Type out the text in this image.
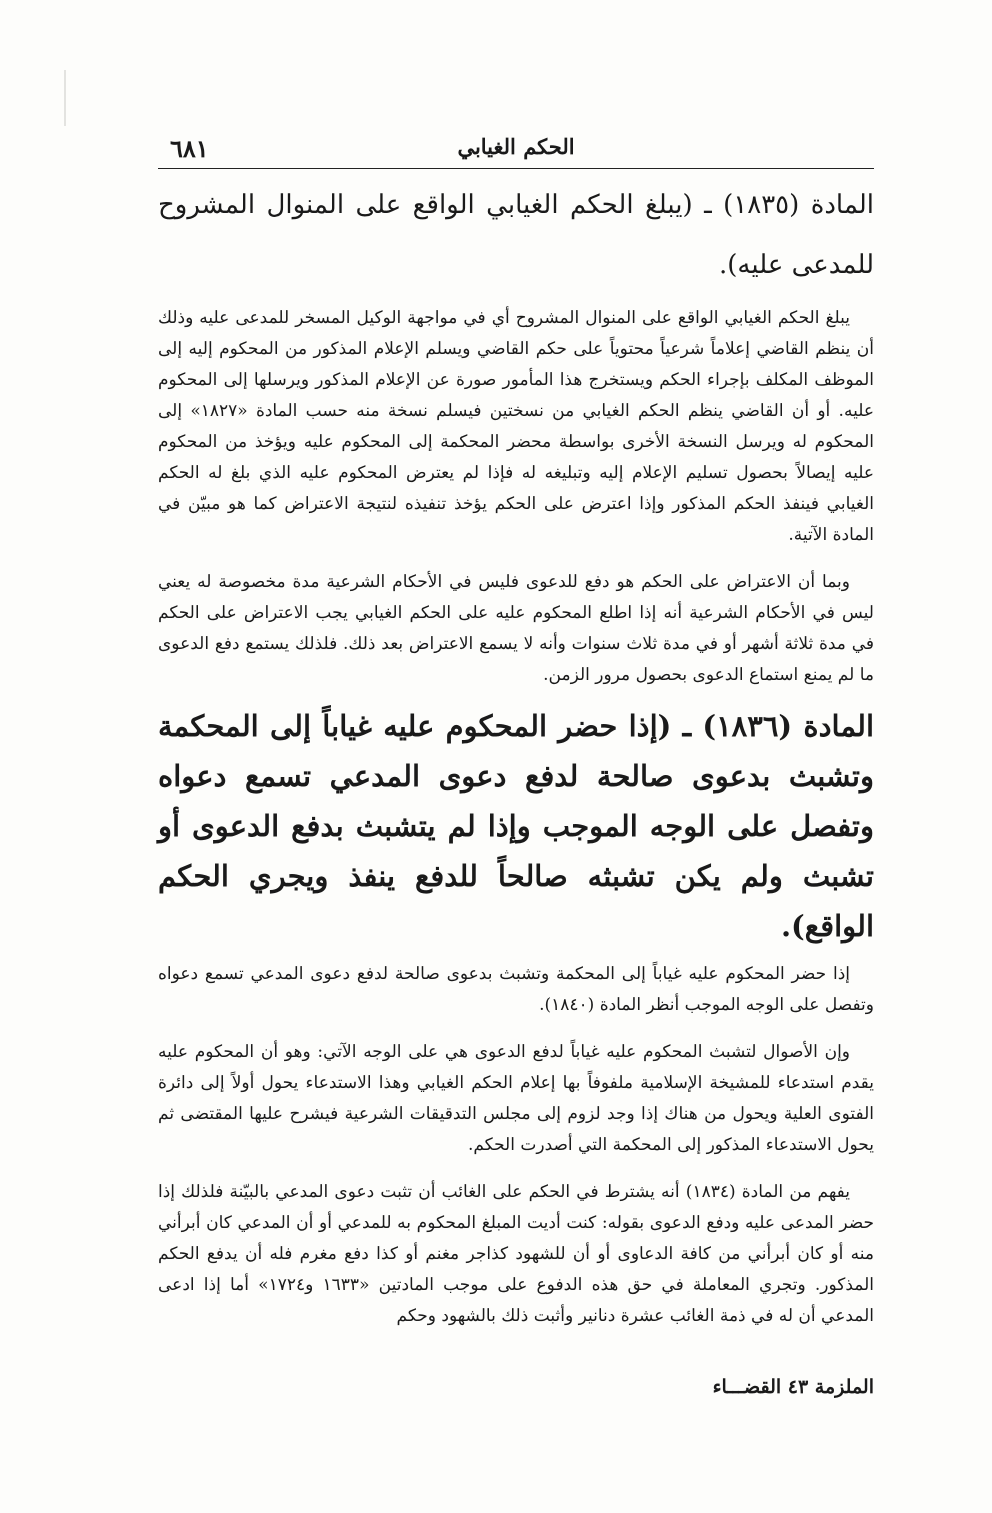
٦٨١	الحكم الغيابي
المادة (١٨٣٥) ـ (يبلغ الحكم الغيابي الواقع على المنوال المشروح للمدعى عليه).

يبلغ الحكم الغيابي الواقع على المنوال المشروح أي في مواجهة الوكيل المسخر للمدعى عليه وذلك أن ينظم القاضي إعلاماً شرعياً محتوياً على حكم القاضي ويسلم الإعلام المذكور من المحكوم إليه إلى الموظف المكلف بإجراء الحكم ويستخرج هذا المأمور صورة عن الإعلام المذكور ويرسلها إلى المحكوم عليه. أو أن القاضي ينظم الحكم الغيابي من نسختين فيسلم نسخة منه حسب المادة «١٨٢٧» إلى المحكوم له ويرسل النسخة الأخرى بواسطة محضر المحكمة إلى المحكوم عليه ويؤخذ من المحكوم عليه إيصالاً بحصول تسليم الإعلام إليه وتبليغه له فإذا لم يعترض المحكوم عليه الذي بلغ له الحكم الغيابي فينفذ الحكم المذكور وإذا اعترض على الحكم يؤخذ تنفيذه لنتيجة الاعتراض كما هو مبيّن في المادة الآتية.

وبما أن الاعتراض على الحكم هو دفع للدعوى فليس في الأحكام الشرعية مدة مخصوصة له يعني ليس في الأحكام الشرعية أنه إذا اطلع المحكوم عليه على الحكم الغيابي يجب الاعتراض على الحكم في مدة ثلاثة أشهر أو في مدة ثلاث سنوات وأنه لا يسمع الاعتراض بعد ذلك. فلذلك يستمع دفع الدعوى ما لم يمنع استماع الدعوى بحصول مرور الزمن.

المادة (١٨٣٦) ـ (إذا حضر المحكوم عليه غياباً إلى المحكمة وتشبث بدعوى صالحة لدفع دعوى المدعي تسمع دعواه وتفصل على الوجه الموجب وإذا لم يتشبث بدفع الدعوى أو تشبث ولم يكن تشبثه صالحاً للدفع ينفذ ويجري الحكم الواقع).

إذا حضر المحكوم عليه غياباً إلى المحكمة وتشبث بدعوى صالحة لدفع دعوى المدعي تسمع دعواه وتفصل على الوجه الموجب أنظر المادة (١٨٤٠).

وإن الأصوال لتشبث المحكوم عليه غياباً لدفع الدعوى هي على الوجه الآتي: وهو أن المحكوم عليه يقدم استدعاء للمشيخة الإسلامية ملفوفاً بها إعلام الحكم الغيابي وهذا الاستدعاء يحول أولاً إلى دائرة الفتوى العلية ويحول من هناك إذا وجد لزوم إلى مجلس التدقيقات الشرعية فيشرح عليها المقتضى ثم يحول الاستدعاء المذكور إلى المحكمة التي أصدرت الحكم.

يفهم من المادة (١٨٣٤) أنه يشترط في الحكم على الغائب أن تثبت دعوى المدعي بالبيّنة فلذلك إذا حضر المدعى عليه ودفع الدعوى بقوله: كنت أديت المبلغ المحكوم به للمدعي أو أن المدعي كان أبرأني منه أو كان أبرأني من كافة الدعاوى أو أن للشهود كذاجر مغنم أو كذا دفع مغرم فله أن يدفع الحكم المذكور. وتجري المعاملة في حق هذه الدفوع على موجب المادتين «١٦٣٣ و١٧٢٤» أما إذا ادعى المدعي أن له في ذمة الغائب عشرة دنانير وأثبت ذلك بالشهود وحكم

الملزمة ٤٣ القضـــاء
